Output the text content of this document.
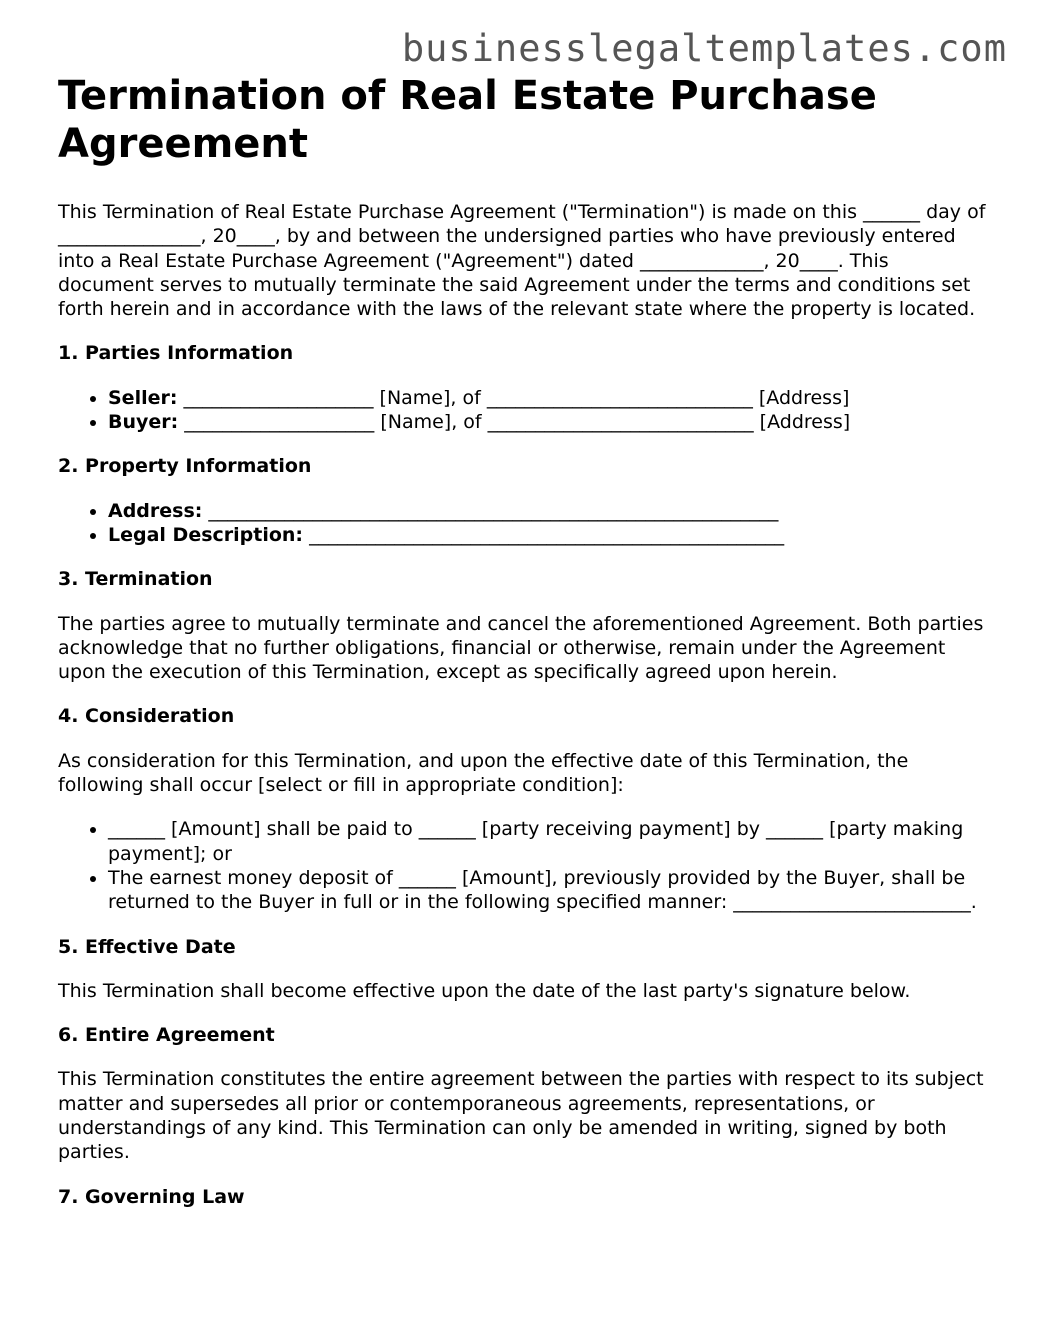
businesslegaltemplates.com
Termination of Real Estate Purchase Agreement

This Termination of Real Estate Purchase Agreement ("Termination") is made on this ______ day of _______________, 20____, by and between the undersigned parties who have previously entered into a Real Estate Purchase Agreement ("Agreement") dated _____________, 20____. This document serves to mutually terminate the said Agreement under the terms and conditions set forth herein and in accordance with the laws of the relevant state where the property is located.

1. Parties Information
• Seller: ____________________ [Name], of ____________________________ [Address]
• Buyer: ____________________ [Name], of ____________________________ [Address]
2. Property Information
• Address: ____________________________________________________________
• Legal Description: __________________________________________________
3. Termination

The parties agree to mutually terminate and cancel the aforementioned Agreement. Both parties acknowledge that no further obligations, financial or otherwise, remain under the Agreement upon the execution of this Termination, except as specifically agreed upon herein.

4. Consideration

As consideration for this Termination, and upon the effective date of this Termination, the following shall occur [select or fill in appropriate condition]:

• ______ [Amount] shall be paid to ______ [party receiving payment] by ______ [party making payment]; or
• The earnest money deposit of ______ [Amount], previously provided by the Buyer, shall be returned to the Buyer in full or in the following specified manner: _________________________.
5. Effective Date

This Termination shall become effective upon the date of the last party's signature below.

6. Entire Agreement

This Termination constitutes the entire agreement between the parties with respect to its subject matter and supersedes all prior or contemporaneous agreements, representations, or understandings of any kind. This Termination can only be amended in writing, signed by both parties.

7. Governing Law
